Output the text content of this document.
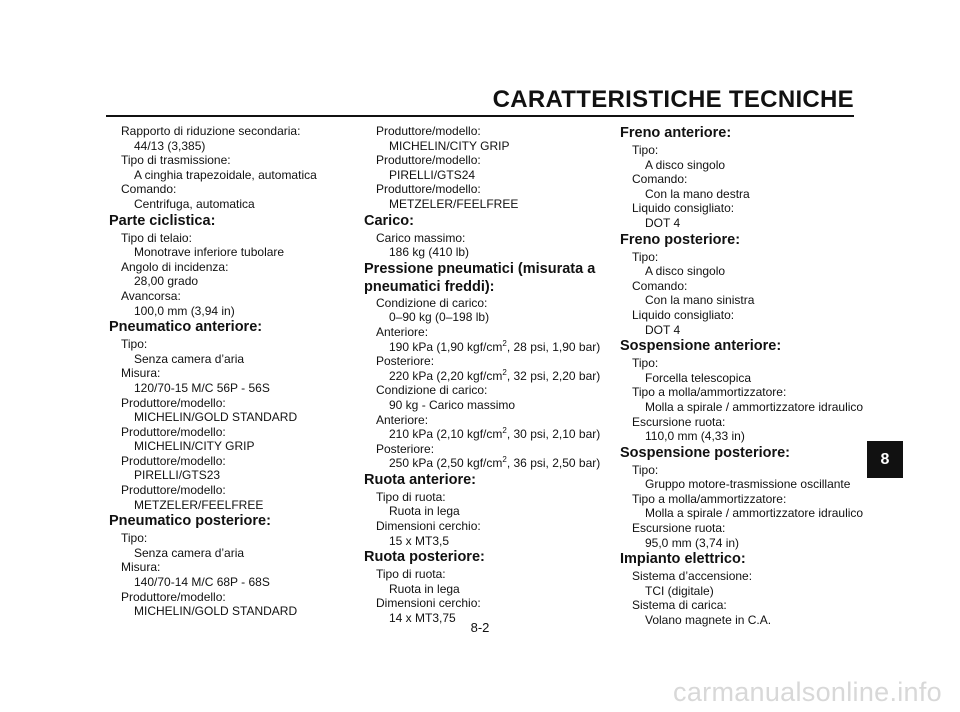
CARATTERISTICHE TECNICHE
Rapporto di riduzione secondaria:
44/13 (3,385)
Tipo di trasmissione:
A cinghia trapezoidale, automatica
Comando:
Centrifuga, automatica
Parte ciclistica:
Tipo di telaio:
Monotrave inferiore tubolare
Angolo di incidenza:
28,00 grado
Avancorsa:
100,0 mm (3,94 in)
Pneumatico anteriore:
Tipo:
Senza camera d’aria
Misura:
120/70-15 M/C 56P - 56S
Produttore/modello:
MICHELIN/GOLD STANDARD
Produttore/modello:
MICHELIN/CITY GRIP
Produttore/modello:
PIRELLI/GTS23
Produttore/modello:
METZELER/FEELFREE
Pneumatico posteriore:
Tipo:
Senza camera d’aria
Misura:
140/70-14 M/C 68P - 68S
Produttore/modello:
MICHELIN/GOLD STANDARD
Produttore/modello:
MICHELIN/CITY GRIP
Produttore/modello:
PIRELLI/GTS24
Produttore/modello:
METZELER/FEELFREE
Carico:
Carico massimo:
186 kg (410 lb)
Pressione pneumatici (misurata a
pneumatici freddi):
Condizione di carico:
0–90 kg (0–198 lb)
Anteriore:
190 kPa (1,90 kgf/$cm^2$, 28 psi, 1,90 bar)
Posteriore:
220 kPa (2,20 kgf/$cm^2$, 32 psi, 2,20 bar)
Condizione di carico:
90 kg - Carico massimo
Anteriore:
210 kPa (2,10 kgf/$cm^2$, 30 psi, 2,10 bar)
Posteriore:
250 kPa (2,50 kgf/$cm^2$, 36 psi, 2,50 bar)
Ruota anteriore:
Tipo di ruota:
Ruota in lega
Dimensioni cerchio:
15 x MT3,5
Ruota posteriore:
Tipo di ruota:
Ruota in lega
Dimensioni cerchio:
14 x MT3,75
Freno anteriore:
Tipo:
A disco singolo
Comando:
Con la mano destra
Liquido consigliato:
DOT 4
Freno posteriore:
Tipo:
A disco singolo
Comando:
Con la mano sinistra
Liquido consigliato:
DOT 4
Sospensione anteriore:
Tipo:
Forcella telescopica
Tipo a molla/ammortizzatore:
Molla a spirale / ammortizzatore idraulico
Escursione ruota:
110,0 mm (4,33 in)
Sospensione posteriore:
Tipo:
Gruppo motore-trasmissione oscillante
Tipo a molla/ammortizzatore:
Molla a spirale / ammortizzatore idraulico
Escursione ruota:
95,0 mm (3,74 in)
Impianto elettrico:
Sistema d’accensione:
TCI (digitale)
Sistema di carica:
Volano magnete in C.A.
8
8-2
carmanualsonline.info
